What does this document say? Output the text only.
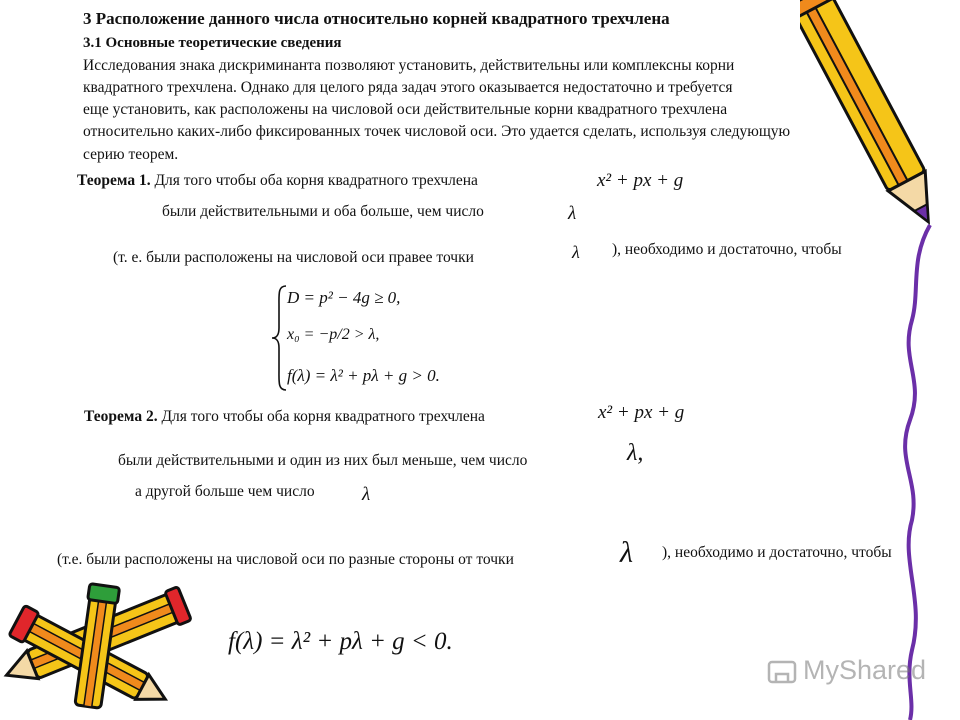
3 Расположение данного числа относительно корней квадратного трехчлена
3.1 Основные теоретические сведения
Исследования знака дискриминанта позволяют установить, действительны или комплексны корни
квадратного трехчлена. Однако для целого ряда задач этого оказывается недостаточно и требуется
еще установить, как расположены на числовой оси действительные корни квадратного трехчлена
относительно каких-либо фиксированных точек числовой оси. Это удается сделать, используя следующую
серию теорем.
Теорема 1. Для того чтобы оба корня квадратного трехчлена	x² + px + g
были действительными и оба больше, чем число	λ
(т. е. были расположены на числовой оси правее точки	λ ), необходимо и достаточно, чтобы
D = p² − 4g ≥ 0,
x₀ = −p/2 > λ,
f(λ) = λ² + pλ + g > 0.
Теорема 2. Для того чтобы оба корня квадратного трехчлена	x² + px + g
были действительными и один из них был меньше, чем число	λ,
а другой больше чем число λ
(т.е. были расположены на числовой оси по разные стороны от точки	λ ), необходимо и достаточно, чтобы
f(λ) = λ² + pλ + g < 0.
MyShared
